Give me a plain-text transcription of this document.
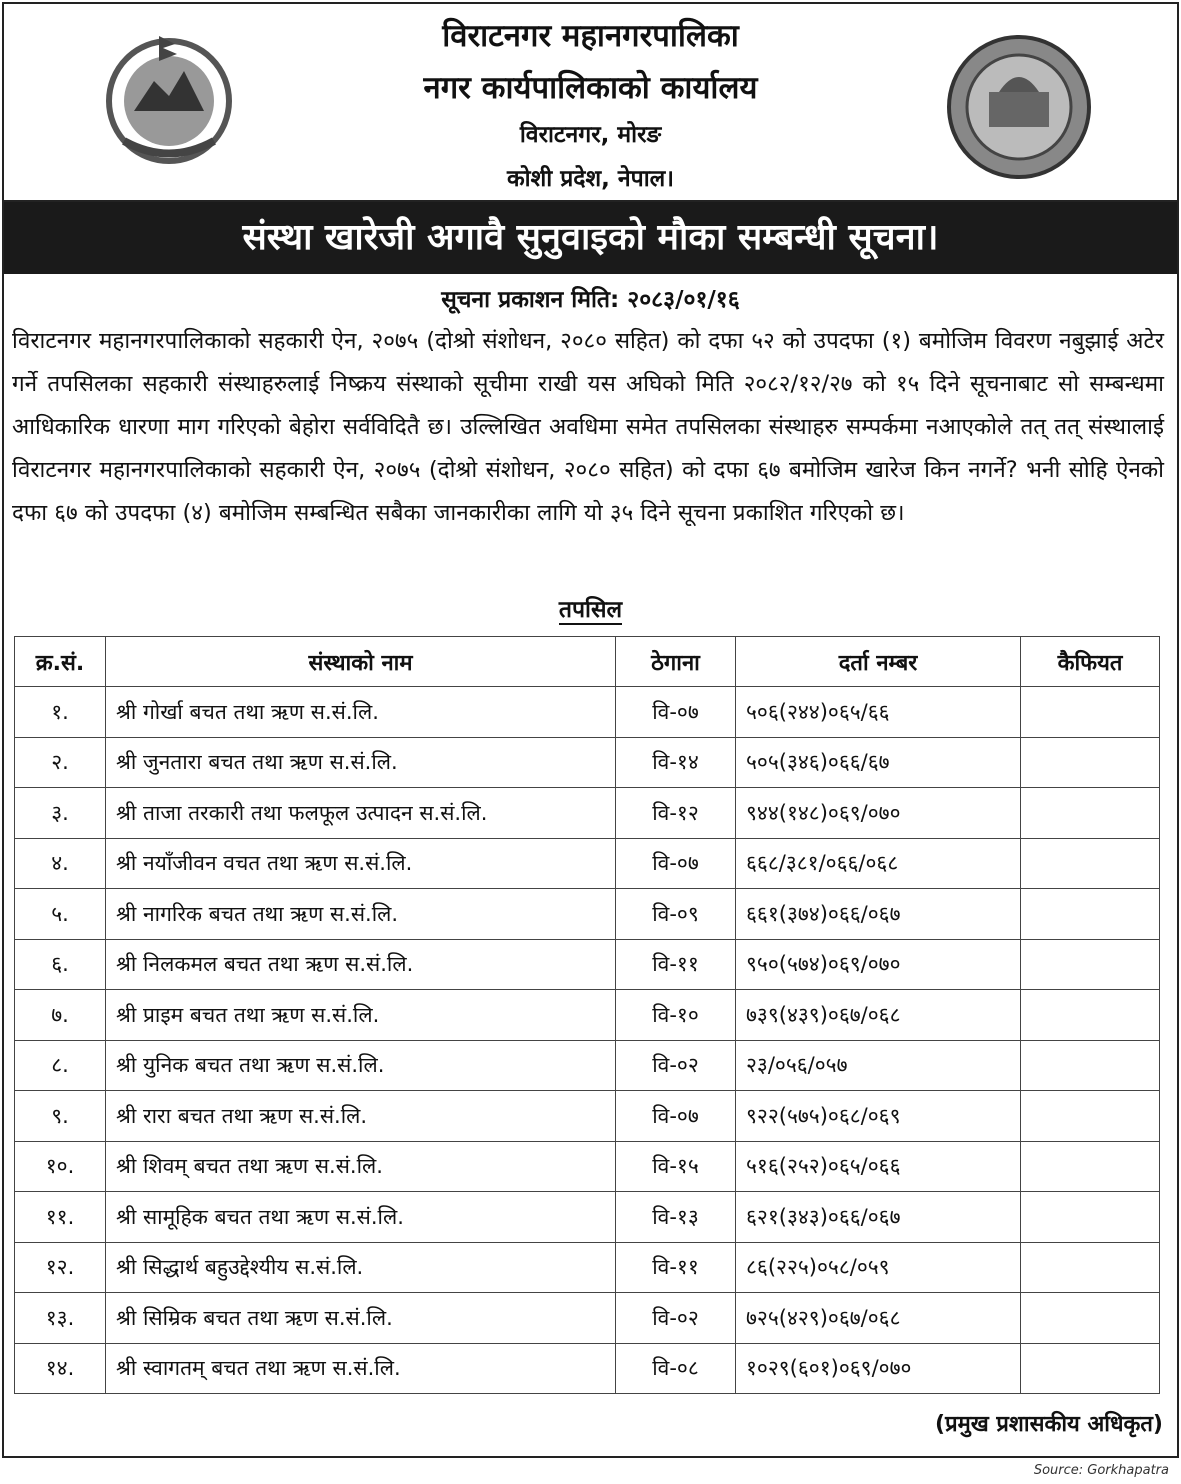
विराटनगर महानगरपालिका
नगर कार्यपालिकाको कार्यालय
विराटनगर, मोरङ
कोशी प्रदेश, नेपाल।
संस्था खारेजी अगावै सुनुवाइको मौका सम्बन्धी सूचना।
सूचना प्रकाशन मिति: २०८३/०१/१६
विराटनगर महानगरपालिकाको सहकारी ऐन, २०७५ (दोश्रो संशोधन, २०८० सहित) को दफा ५२ को उपदफा (१) बमोजिम विवरण नबुझाई अटेर गर्ने तपसिलका सहकारी संस्थाहरुलाई निष्क्रय संस्थाको सूचीमा राखी यस अघिको मिति २०८२/१२/२७ को १५ दिने सूचनाबाट सो सम्बन्धमा आधिकारिक धारणा माग गरिएको बेहोरा सर्वविदितै छ। उल्लिखित अवधिमा समेत तपसिलका संस्थाहरु सम्पर्कमा नआएकोले तत् तत् संस्थालाई विराटनगर महानगरपालिकाको सहकारी ऐन, २०७५ (दोश्रो संशोधन, २०८० सहित) को दफा ६७ बमोजिम खारेज किन नगर्ने? भनी सोहि ऐनको दफा ६७ को उपदफा (४) बमोजिम सम्बन्धित सबैका जानकारीका लागि यो ३५ दिने सूचना प्रकाशित गरिएको छ।
तपसिल
क्र.सं.	संस्थाको नाम	ठेगाना	दर्ता नम्बर	कैफियत
१.	श्री गोर्खा बचत तथा ऋण स.सं.लि.	वि-०७	५०६(२४४)०६५/६६	
२.	श्री जुनतारा बचत तथा ऋण स.सं.लि.	वि-१४	५०५(३४६)०६६/६७	
३.	श्री ताजा तरकारी तथा फलफूल उत्पादन स.सं.लि.	वि-१२	९४४(१४८)०६९/०७०	
४.	श्री नयाँजीवन वचत तथा ऋण स.सं.लि.	वि-०७	६६८/३८१/०६६/०६८	
५.	श्री नागरिक बचत तथा ऋण स.सं.लि.	वि-०९	६६१(३७४)०६६/०६७	
६.	श्री निलकमल बचत तथा ऋण स.सं.लि.	वि-११	९५०(५७४)०६९/०७०	
७.	श्री प्राइम बचत तथा ऋण स.सं.लि.	वि-१०	७३९(४३९)०६७/०६८	
८.	श्री युनिक बचत तथा ऋण स.सं.लि.	वि-०२	२३/०५६/०५७	
९.	श्री रारा बचत तथा ऋण स.सं.लि.	वि-०७	९२२(५७५)०६८/०६९	
१०.	श्री शिवम् बचत तथा ऋण स.सं.लि.	वि-१५	५१६(२५२)०६५/०६६	
११.	श्री सामूहिक बचत तथा ऋण स.सं.लि.	वि-१३	६२१(३४३)०६६/०६७	
१२.	श्री सिद्धार्थ बहुउद्देश्यीय स.सं.लि.	वि-११	८६(२२५)०५८/०५९	
१३.	श्री सिम्रिक बचत तथा ऋण स.सं.लि.	वि-०२	७२५(४२९)०६७/०६८	
१४.	श्री स्वागतम् बचत तथा ऋण स.सं.लि.	वि-०८	१०२९(६०१)०६९/०७०	
(प्रमुख प्रशासकीय अधिकृत)
Source: Gorkhapatra
